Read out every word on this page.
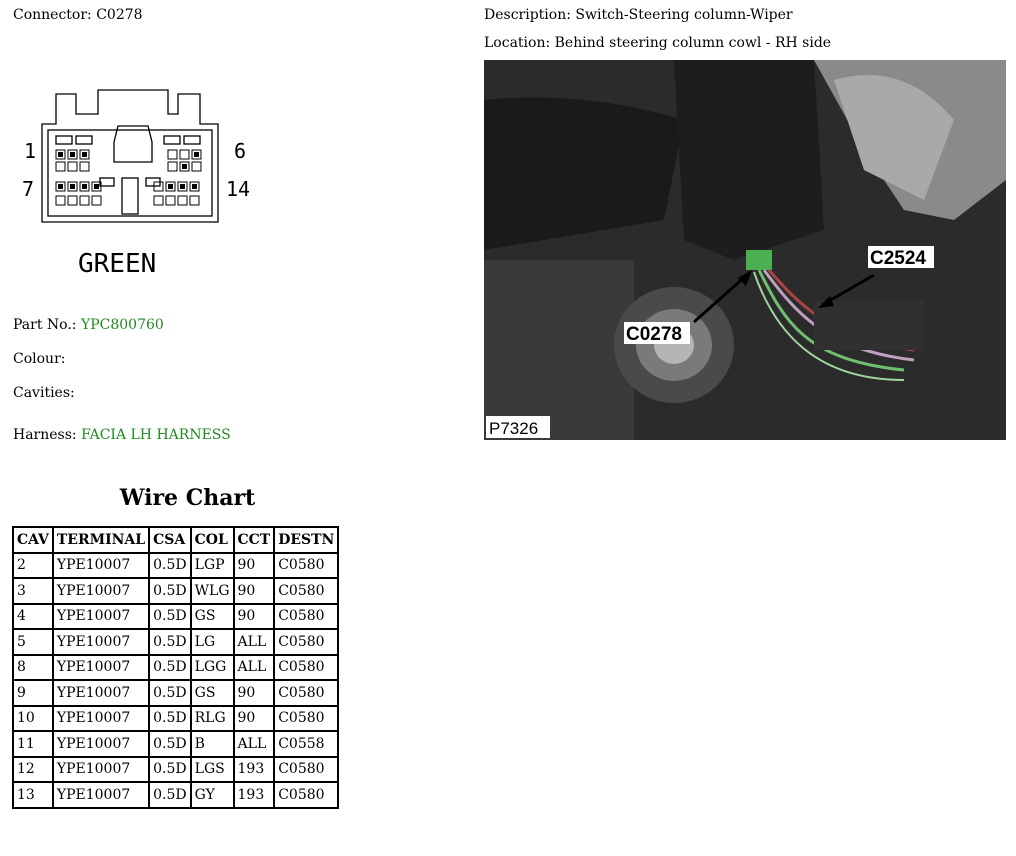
Connector: C0278	Description: Switch-Steering column-Wiper
Location: Behind steering column cowl - RH side
1
7
6
14
GREEN	C2524
C0278
P7326
Part No.: YPC800760
Colour:
Cavities:
Harness: FACIA LH HARNESS
Wire Chart
CAV	TERMINAL	CSA	COL	CCT	DESTN
2	YPE10007	0.5D	LGP	90	C0580
3	YPE10007	0.5D	WLG	90	C0580
4	YPE10007	0.5D	GS	90	C0580
5	YPE10007	0.5D	LG	ALL	C0580
8	YPE10007	0.5D	LGG	ALL	C0580
9	YPE10007	0.5D	GS	90	C0580
10	YPE10007	0.5D	RLG	90	C0580
11	YPE10007	0.5D	B	ALL	C0558
12	YPE10007	0.5D	LGS	193	C0580
13	YPE10007	0.5D	GY	193	C0580
